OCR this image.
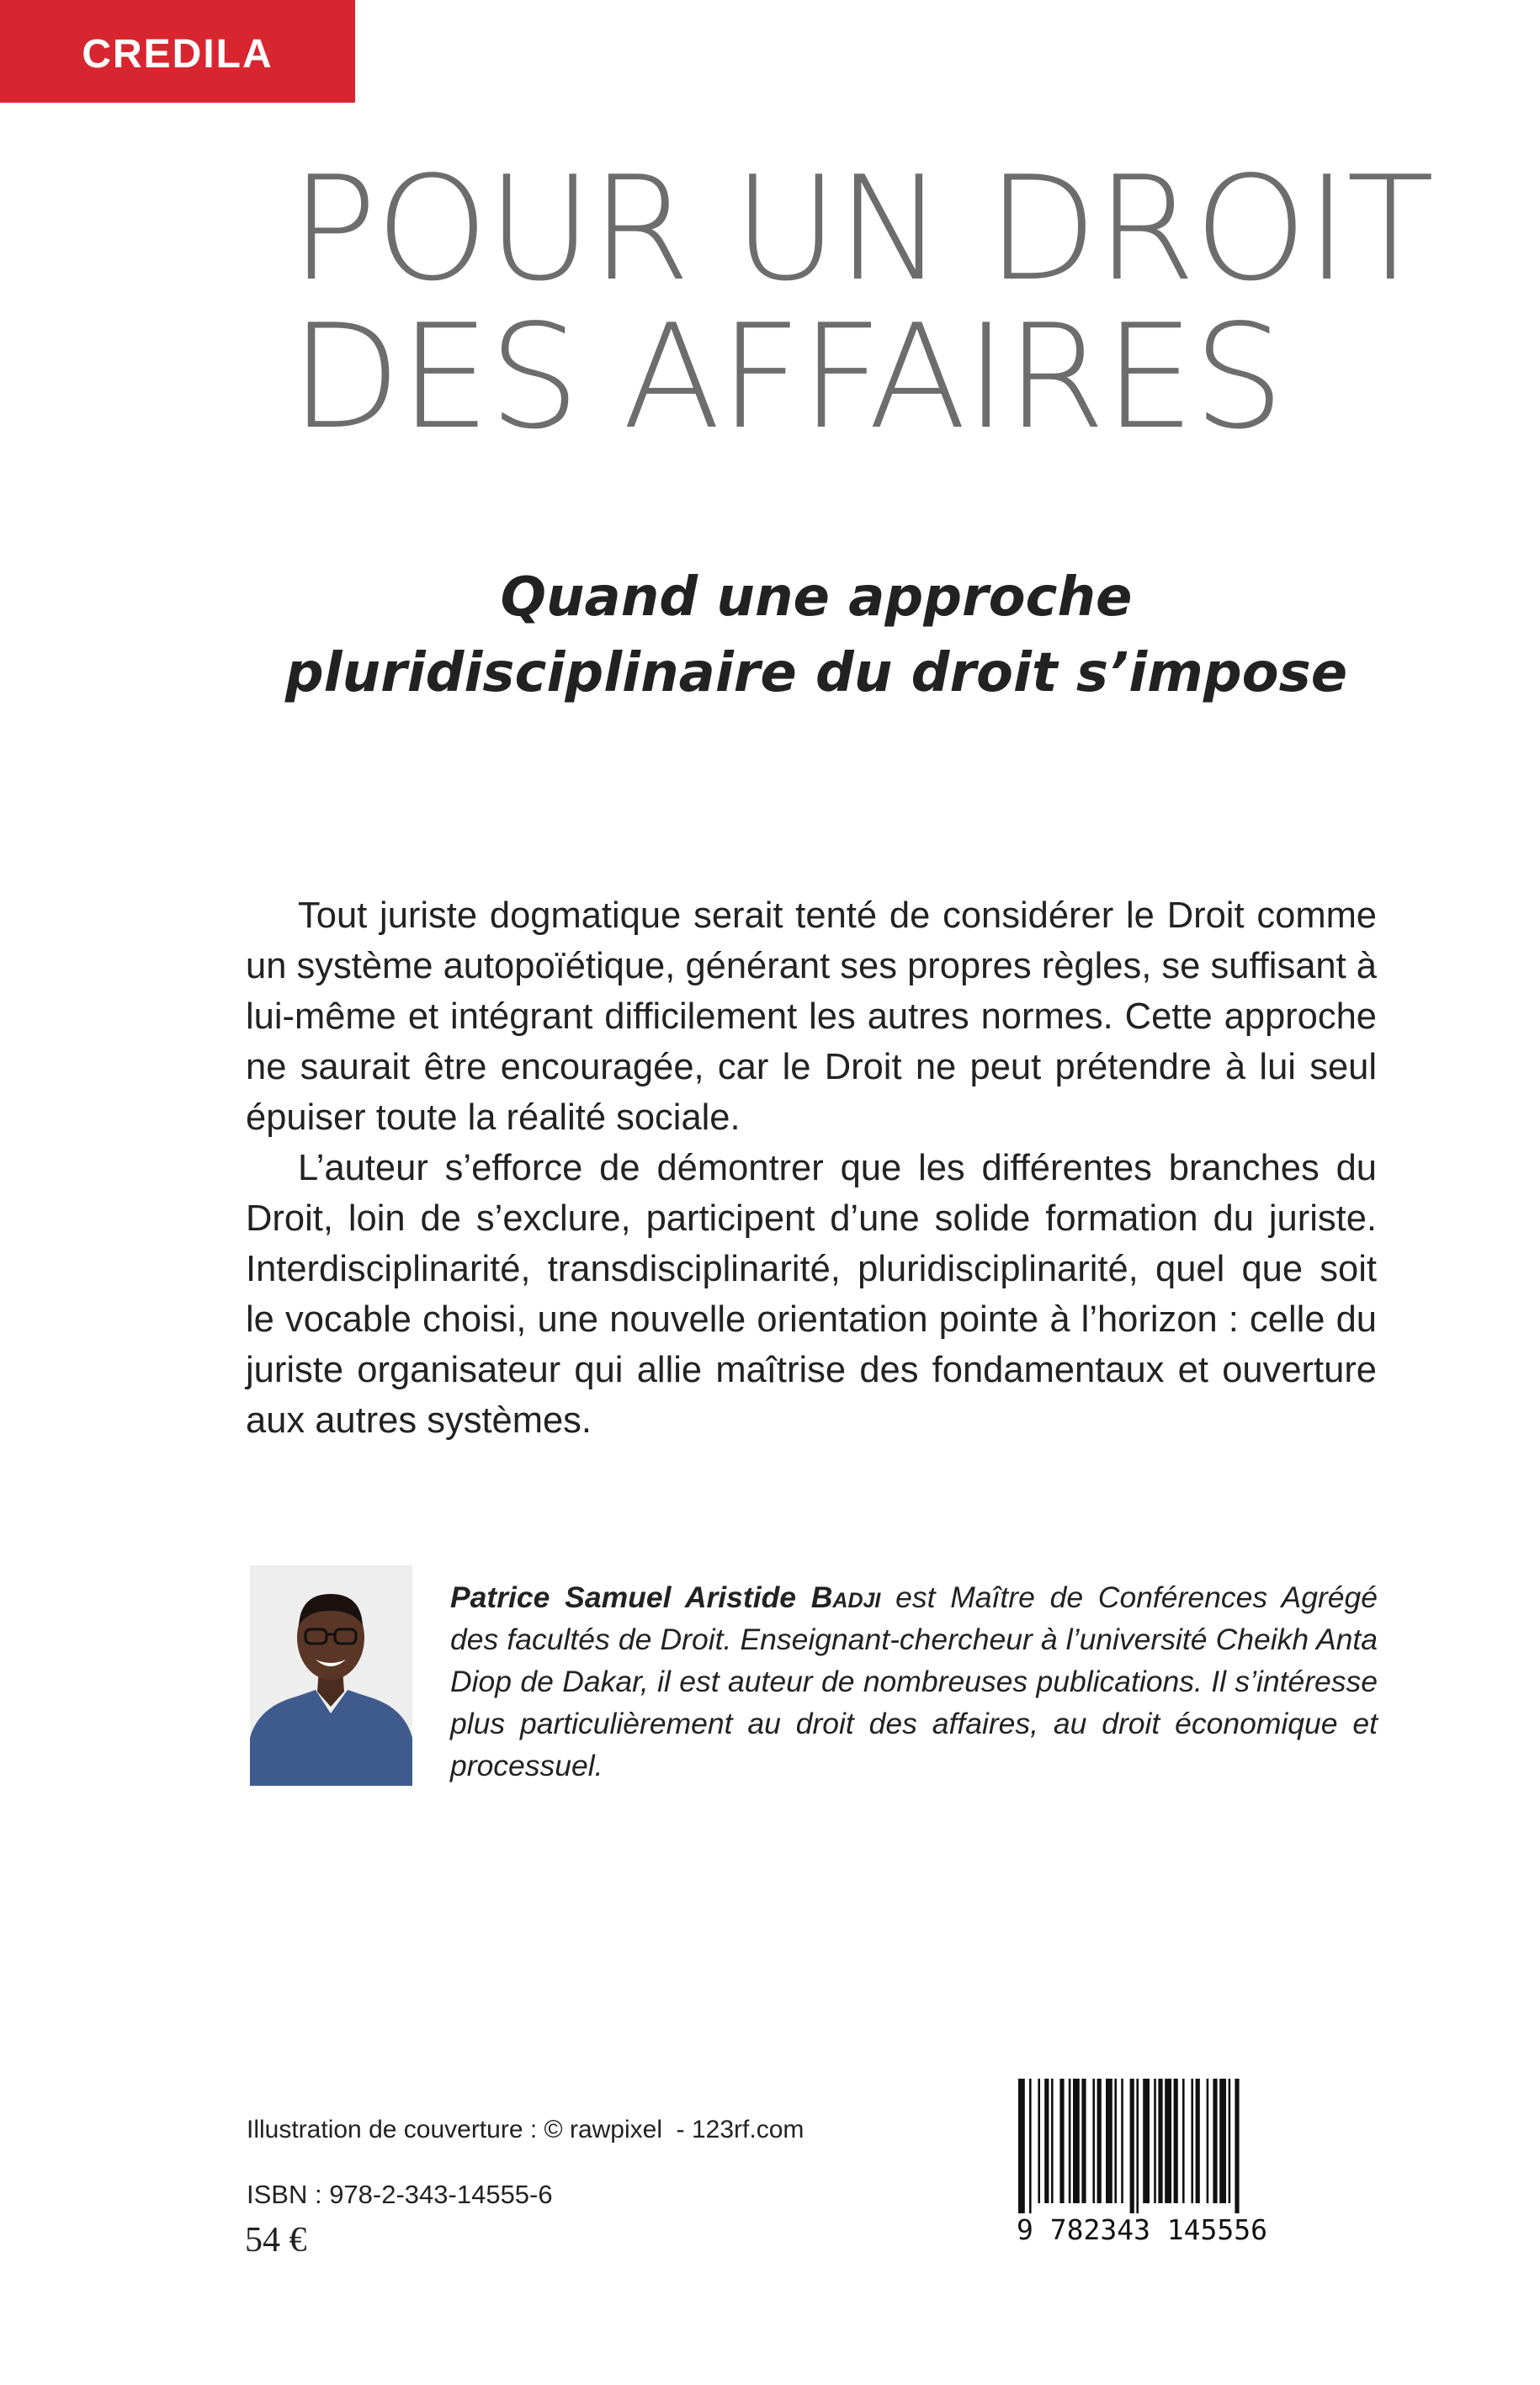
CREDILA
POUR UN DROIT
DES AFFAIRES
Quand une approche
pluridisciplinaire du droit s’impose

Tout juriste dogmatique serait tenté de considérer le Droit comme un système autopoïétique, générant ses propres règles, se suffisant à lui-même et intégrant difficilement les autres normes. Cette approche ne saurait être encouragée, car le Droit ne peut prétendre à lui seul épuiser toute la réalité sociale.

L’auteur s’efforce de démontrer que les différentes branches du Droit, loin de s’exclure, participent d’une solide formation du juriste. Interdisciplinarité, transdisciplinarité, pluridisciplinarité, quel que soit le vocable choisi, une nouvelle orientation pointe à l’horizon : celle du juriste organisateur qui allie maîtrise des fondamentaux et ouverture aux autres systèmes.

Patrice Samuel Aristide Badji est Maître de Conférences Agrégé des facultés de Droit. Enseignant-chercheur à l’université Cheikh Anta Diop de Dakar, il est auteur de nombreuses publications. Il s’intéresse plus particulièrement au droit des affaires, au droit économique et processuel.
Illustration de couverture : © rawpixel  - 123rf.com
ISBN : 978-2-343-14555-6
54 €	9 782343 145556
